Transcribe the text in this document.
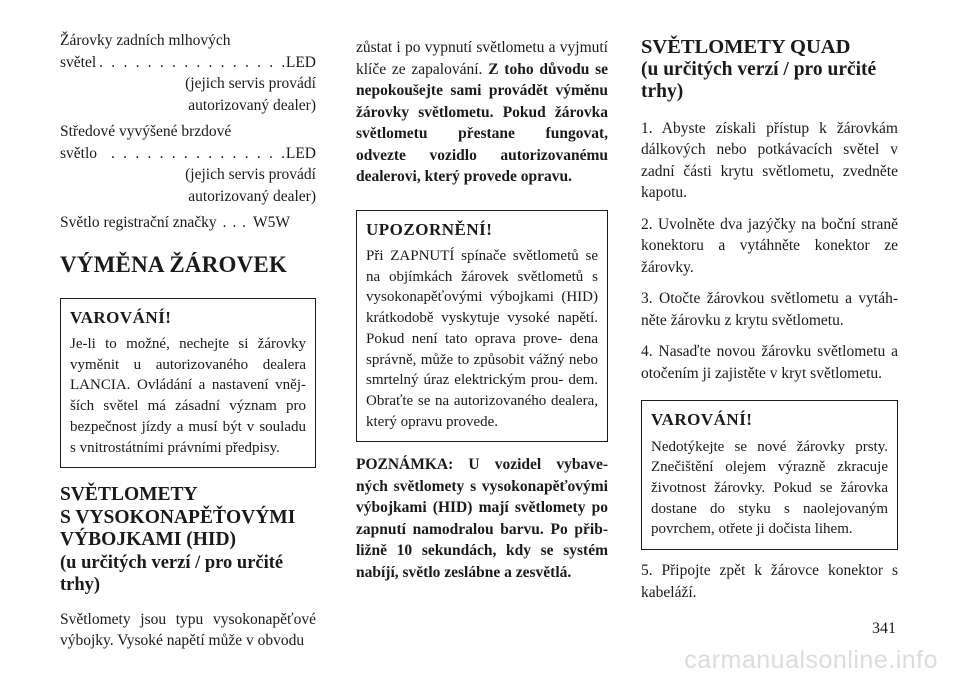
Žárovky zadních mlhových
světel . . .	LED
(jejich servis provádí
autorizovaný dealer)
Středové vyvýšené brzdové
světlo . . .	LED
(jejich servis provádí
autorizovaný dealer)
Světlo registrační značky . . . W5W
VÝMĚNA ŽÁROVEK
VAROVÁNÍ!
Je-li to možné, nechejte si žárovky vyměnit u autorizovaného dealera LANCIA. Ovládání a nastavení vněj- ších světel má zásadní význam pro bezpečnost jízdy a musí být v souladu s vnitrostátními právními předpisy.
SVĚTLOMETY
S VYSOKONAPĚŤOVÝMI
VÝBOJKAMI (HID)
(u určitých verzí / pro určité
trhy)

Světlomety jsou typu vysokonapěťové výbojky. Vysoké napětí může v obvodu

zůstat i po vypnutí světlometu a vyjmutí klíče ze zapalování. Z toho důvodu se nepokoušejte sami provádět výměnu žárovky světlometu. Pokud žárovka světlometu přestane fungovat, odvezte vozidlo autorizovanému dealerovi, který provede opravu.

UPOZORNĚNÍ!
Při ZAPNUTÍ spínače světlometů se na objímkách žárovek světlometů s vysokonapěťovými výbojkami (HID) krátkodobě vyskytuje vysoké napětí. Pokud není tato oprava prove- dena správně, může to způsobit vážný nebo smrtelný úraz elektrickým prou- dem. Obraťte se na autorizovaného dealera, který opravu provede.

POZNÁMKA: U vozidel vybave- ných světlomety s vysokonapěťovými výbojkami (HID) mají světlomety po zapnutí namodralou barvu. Po přib- ližně 10 sekundách, kdy se systém nabíjí, světlo zeslábne a zesvětlá.

SVĚTLOMETY QUAD
(u určitých verzí / pro určité
trhy)

1. Abyste získali přístup k žárovkám dálkových nebo potkávacích světel v zadní části krytu světlometu, zvedněte kapotu.

2. Uvolněte dva jazýčky na boční straně konektoru a vytáhněte konektor ze žárovky.

3. Otočte žárovkou světlometu a vytáh- něte žárovku z krytu světlometu.

4. Nasaďte novou žárovku světlometu a otočením ji zajistěte v kryt světlometu.

VAROVÁNÍ!
Nedotýkejte se nové žárovky prsty. Znečištění olejem výrazně zkracuje životnost žárovky. Pokud se žárovka dostane do styku s naolejovaným povrchem, otřete ji dočista lihem.

5. Připojte zpět k žárovce konektor s kabeláží.

341
carmanualsonline.info
